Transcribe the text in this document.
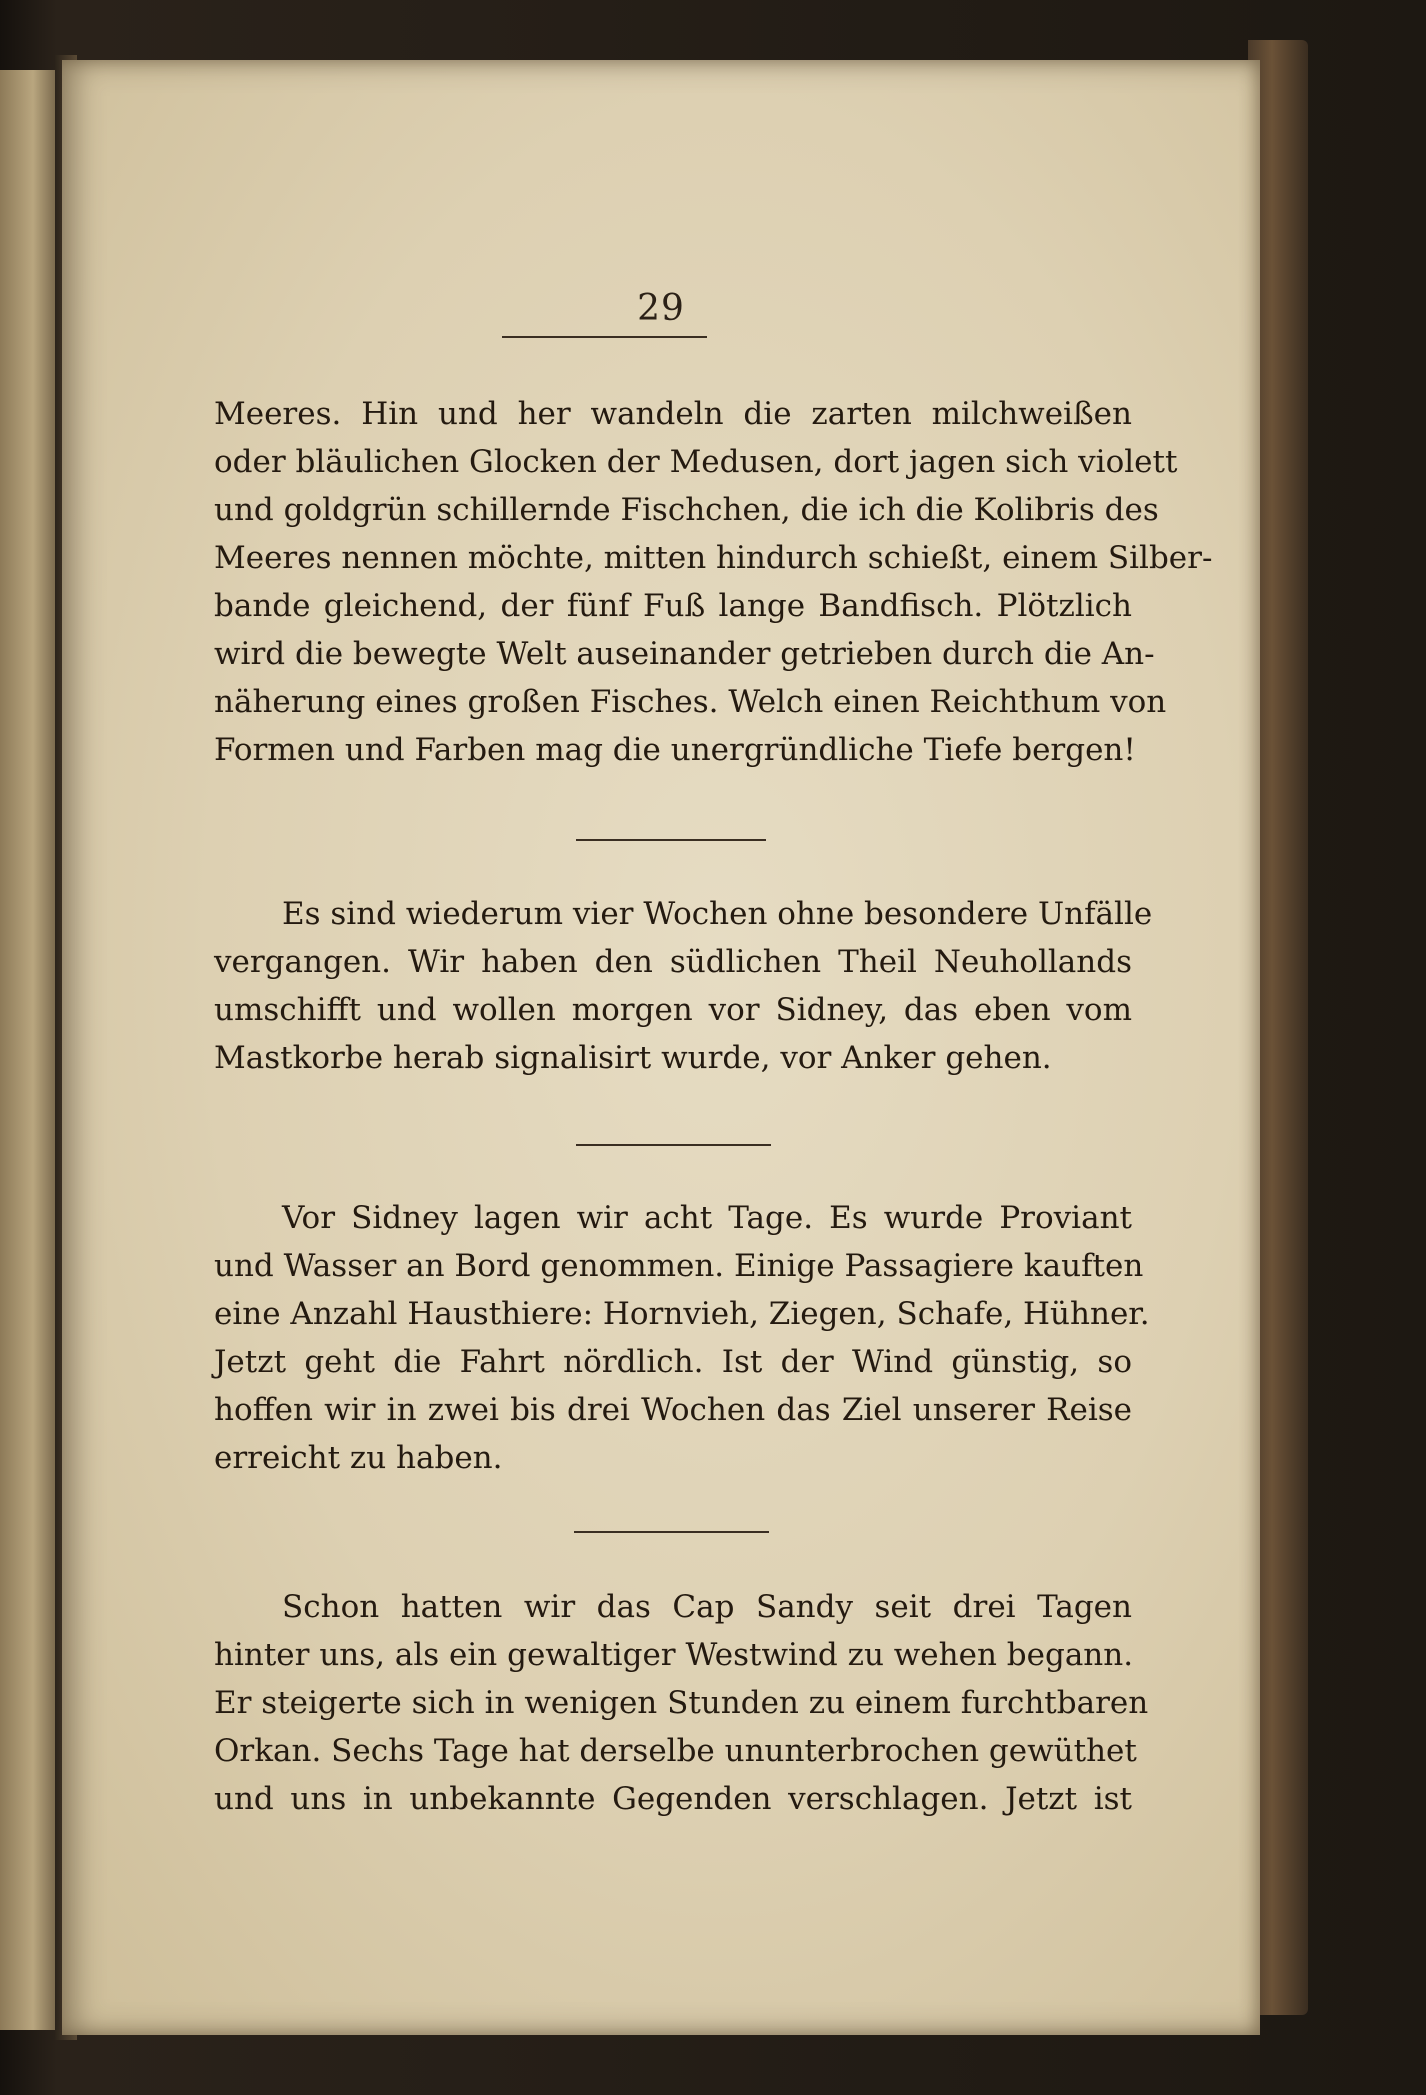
29
Meeres. Hin und her wandeln die zarten milchweißen
oder bläulichen Glocken der Medusen, dort jagen sich violett
und goldgrün schillernde Fischchen, die ich die Kolibris des
Meeres nennen möchte, mitten hindurch schießt, einem Silber-
bande gleichend, der fünf Fuß lange Bandfisch. Plötzlich
wird die bewegte Welt auseinander getrieben durch die An-
näherung eines großen Fisches. Welch einen Reichthum von
Formen und Farben mag die unergründliche Tiefe bergen!
Es sind wiederum vier Wochen ohne besondere Unfälle
vergangen. Wir haben den südlichen Theil Neuhollands
umschifft und wollen morgen vor Sidney, das eben vom
Mastkorbe herab signalisirt wurde, vor Anker gehen.
Vor Sidney lagen wir acht Tage. Es wurde Proviant
und Wasser an Bord genommen. Einige Passagiere kauften
eine Anzahl Hausthiere: Hornvieh, Ziegen, Schafe, Hühner.
Jetzt geht die Fahrt nördlich. Ist der Wind günstig, so
hoffen wir in zwei bis drei Wochen das Ziel unserer Reise
erreicht zu haben.
Schon hatten wir das Cap Sandy seit drei Tagen
hinter uns, als ein gewaltiger Westwind zu wehen begann.
Er steigerte sich in wenigen Stunden zu einem furchtbaren
Orkan. Sechs Tage hat derselbe ununterbrochen gewüthet
und uns in unbekannte Gegenden verschlagen. Jetzt ist
